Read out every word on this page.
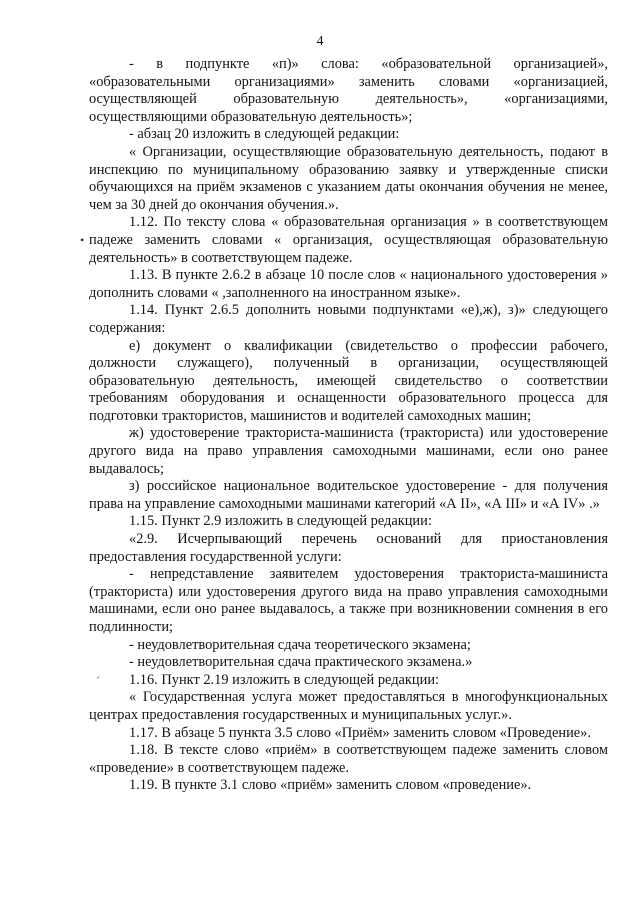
4
•
ˊ

- в подпункте «п)» слова: «образовательной организацией», «образовательными организациями» заменить словами «организацией, осуществляющей образовательную деятельность», «организациями, осуществляющими образовательную деятельность»;

- абзац 20 изложить в следующей редакции:

« Организации, осуществляющие образовательную деятельность, подают в инспекцию по муниципальному образованию заявку и утвержденные списки обучающихся на приём экзаменов с указанием даты окончания обучения не менее, чем за 30 дней до окончания обучения.».

1.12. По тексту слова « образовательная организация » в соответствующем падеже заменить словами « организация, осуществляющая образовательную деятельность» в соответствующем падеже.

1.13. В пункте 2.6.2 в абзаце 10 после слов « национального удостоверения » дополнить словами « ,заполненного на иностранном языке».

1.14. Пункт 2.6.5 дополнить новыми подпунктами «е),ж), з)» следующего содержания:

е) документ о квалификации (свидетельство о профессии рабочего, должности служащего), полученный в организации, осуществляющей образовательную деятельность, имеющей свидетельство о соответствии требованиям оборудования и оснащенности образовательного процесса для подготовки трактористов, машинистов и водителей самоходных машин;

ж) удостоверение тракториста-машиниста (тракториста) или удостоверение другого вида на право управления самоходными машинами, если оно ранее выдавалось;

з) российское национальное водительское удостоверение - для получения права на управление самоходными машинами категорий «А II», «А III» и «А IV» .»

1.15. Пункт 2.9 изложить в следующей редакции:

«2.9. Исчерпывающий перечень оснований для приостановления предоставления государственной услуги:

- непредставление заявителем удостоверения тракториста-машиниста (тракториста) или удостоверения другого вида на право управления самоходными машинами, если оно ранее выдавалось, а также при возникновении сомнения в его подлинности;

- неудовлетворительная сдача теоретического экзамена;

- неудовлетворительная сдача практического экзамена.»

1.16. Пункт 2.19 изложить в следующей редакции:

« Государственная услуга может предоставляться в многофункциональных центрах предоставления государственных и муниципальных услуг.».

1.17. В абзаце 5 пункта 3.5 слово «Приём» заменить словом «Проведение».

1.18. В тексте слово «приём» в соответствующем падеже заменить словом «проведение» в соответствующем падеже.

1.19. В пункте 3.1 слово «приём» заменить словом «проведение».
